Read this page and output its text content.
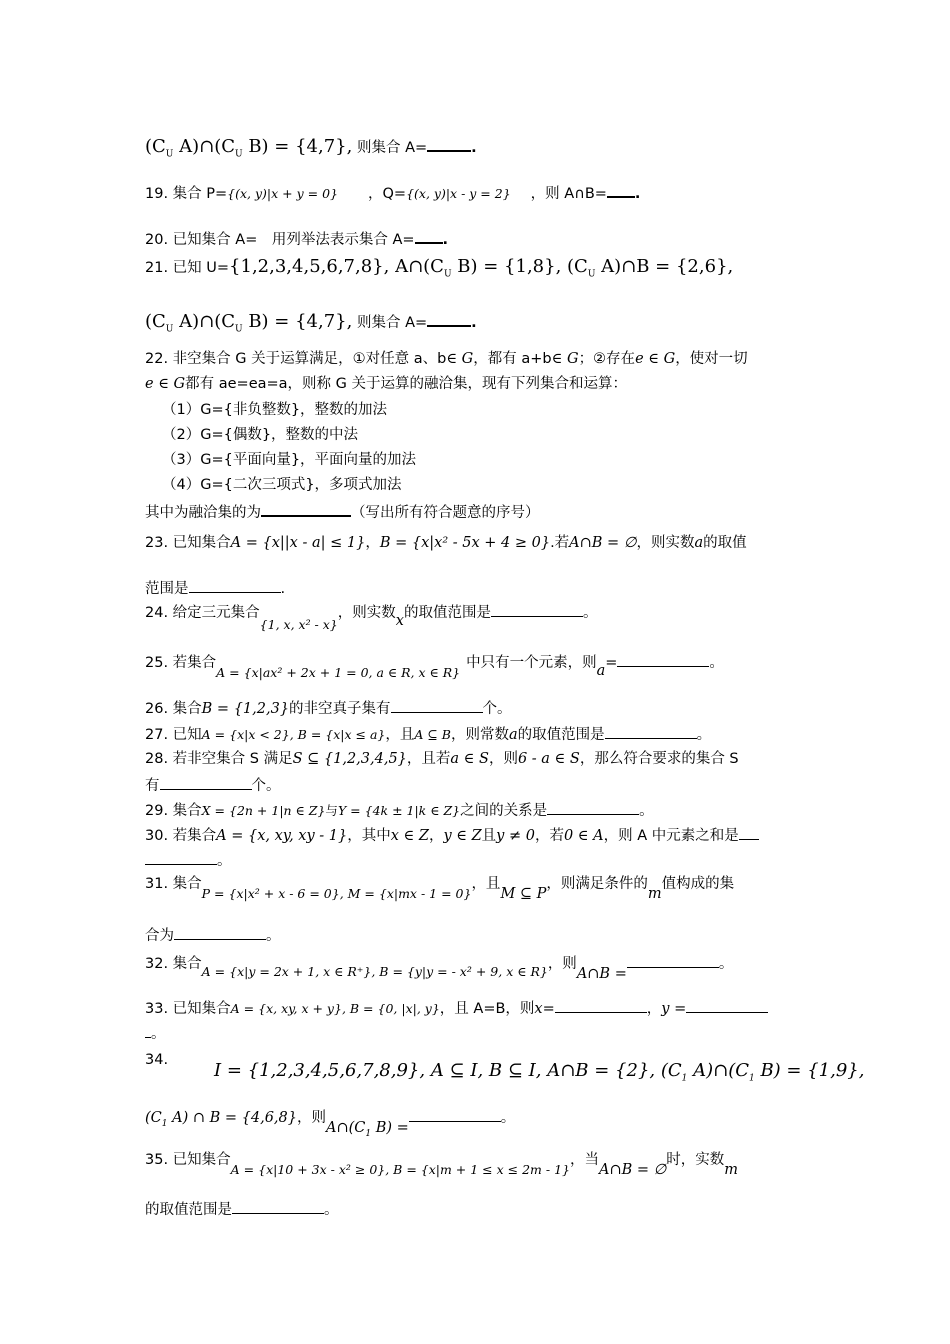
($C_U$ $A)\cap(C_U$ B) = {4,7}, 则集合 A=	.
19. 集合 P={(x, y)|x + y = 0} ，Q={(x, y)|x - y = 2} ，则 A∩B= .
20. 已知集合 A=　用列举法表示集合 A= .
21. 已知 U={1,2,3,4,5,6,7,8}, $A\cap(C_U$ B) = {1,8}, ($C_U$ A)∩B = {2,6},
($C_U$ $A)\cap(C_U$ B) = {4,7}, 则集合 A=	.
22. 非空集合 G 关于运算满足，①对任意 a、b∈ G，都有 a+b∈ G；②存在e ∈ G，使对一切
e ∈ G都有 ae=ea=a，则称 G 关于运算的融洽集，现有下列集合和运算：
（1）G={非负整数}，整数的加法
（2）G={偶数}，整数的中法
（3）G={平面向量}，平面向量的加法
（4）G={二次三项式}，多项式加法
其中为融洽集的为	（写出所有符合题意的序号）
23. 已知集合A = {x||x - a| ≤ 1}，B = {x|x² - 5x + 4 ≥ 0}.若A∩B = ∅，则实数a的取值
范围是	.
24. 给定三元集合{1, x, x² - x}，则实数x的取值范围是	。
25. 若集合A = {x|ax² + 2x + 1 = 0, a ∈ R, x ∈ R}中只有一个元素，则a=	。
26. 集合B = {1,2,3}的非空真子集有	个。
27. 已知A = {x|x < 2}, B = {x|x ≤ a}，且A ⊆ B，则常数a的取值范围是	。
28. 若非空集合 S 满足S ⊆ {1,2,3,4,5}，且若a ∈ S，则6 - a ∈ S，那么符合要求的集合 S
有	个。
29. 集合X = {2n + 1|n ∈ Z}与Y = {4k ± 1|k ∈ Z}之间的关系是	。
30. 若集合A = {x, xy, xy - 1}，其中x ∈ Z，y ∈ Z且y ≠ 0，若0 ∈ A，则 A 中元素之和是
。
31. 集合P = {x|x² + x - 6 = 0}, M = {x|mx - 1 = 0}，且M ⊆ P，则满足条件的m值构成的集
合为	。
32. 集合A = {x|y = 2x + 1, x ∈ R⁺}, B = {y|y = - x² + 9, x ∈ R}，则A∩B =。
33. 已知集合A = {x, xy, x + y}, B = {0, |x|, y}，且 A=B，则x=	，y =
。
34.	I = {1,2,3,4,5,6,7,8,9}, A ⊆ I, B ⊆ I, A∩B = {2}, ($C_1$ $A)\cap(C_1$ B) = {1,9},
($C_1$ A) ∩ B = {4,6,8}，则$A\cap(C_1$ B) =。
35. 已知集合A = {x|10 + 3x - x² ≥ 0}, B = {x|m + 1 ≤ x ≤ 2m - 1}，当A∩B = ∅时，实数m
的取值范围是	。
